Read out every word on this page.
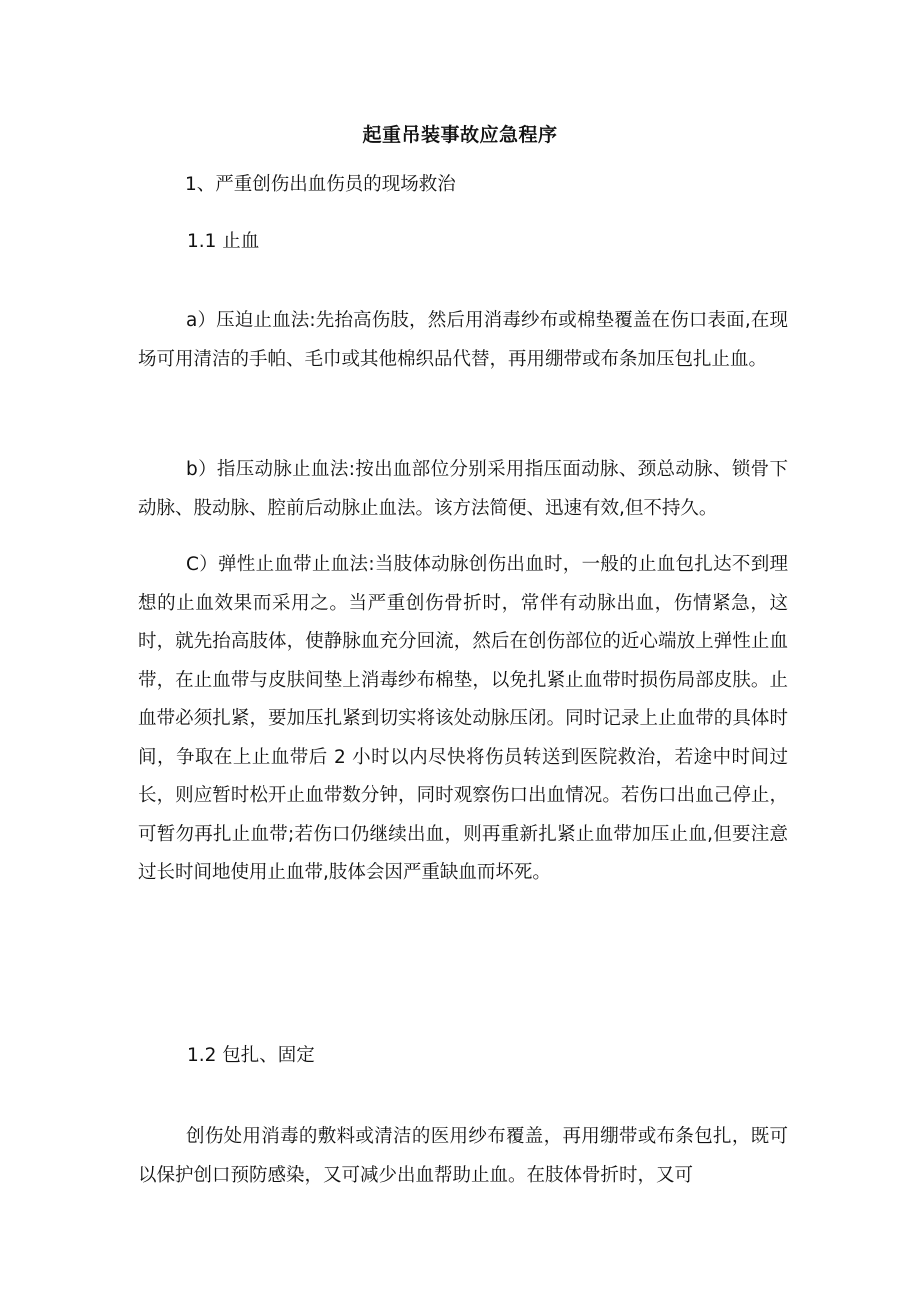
起重吊装事故应急程序
1、严重创伤出血伤员的现场救治
1.1 止血
a）压迫止血法:先抬高伤肢，然后用消毒纱布或棉垫覆盖在伤口表面,在现场可用清洁的手帕、毛巾或其他棉织品代替，再用绷带或布条加压包扎止血。
b）指压动脉止血法:按出血部位分别采用指压面动脉、颈总动脉、锁骨下动脉、股动脉、腔前后动脉止血法。该方法简便、迅速有效,但不持久。
C）弹性止血带止血法:当肢体动脉创伤出血时，一般的止血包扎达不到理想的止血效果而采用之。当严重创伤骨折时，常伴有动脉出血，伤情紧急，这时，就先抬高肢体，使静脉血充分回流，然后在创伤部位的近心端放上弹性止血带，在止血带与皮肤间垫上消毒纱布棉垫，以免扎紧止血带时损伤局部皮肤。止血带必须扎紧，要加压扎紧到切实将该处动脉压闭。同时记录上止血带的具体时间，争取在上止血带后 2 小时以内尽快将伤员转送到医院救治，若途中时间过长，则应暂时松开止血带数分钟，同时观察伤口出血情况。若伤口出血己停止，可暂勿再扎止血带;若伤口仍继续出血，则再重新扎紧止血带加压止血,但要注意过长时间地使用止血带,肢体会因严重缺血而坏死。
1.2 包扎、固定
创伤处用消毒的敷料或清洁的医用纱布覆盖，再用绷带或布条包扎，既可以保护创口预防感染，又可减少出血帮助止血。在肢体骨折时，又可
